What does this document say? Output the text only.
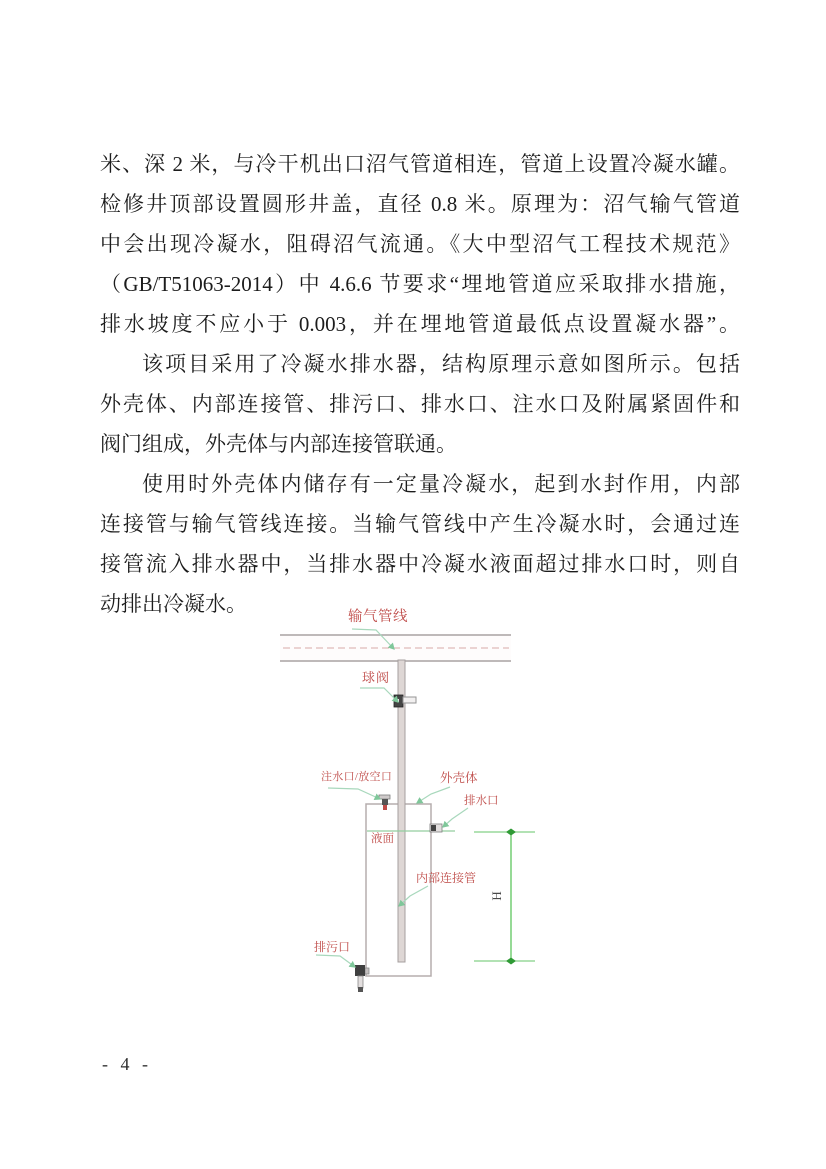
米、深 2 米，与冷干机出口沼气管道相连，管道上设置冷凝水罐。
检修井顶部设置圆形井盖，直径 0.8 米。原理为：沼气输气管道
中会出现冷凝水，阻碍沼气流通。《大中型沼气工程技术规范》
（GB/T51063-2014）中 4.6.6 节要求“埋地管道应采取排水措施，
排水坡度不应小于 0.003，并在埋地管道最低点设置凝水器”。
该项目采用了冷凝水排水器，结构原理示意如图所示。包括
外壳体、内部连接管、排污口、排水口、注水口及附属紧固件和
阀门组成，外壳体与内部连接管联通。
使用时外壳体内储存有一定量冷凝水，起到水封作用，内部
连接管与输气管线连接。当输气管线中产生冷凝水时，会通过连
接管流入排水器中，当排水器中冷凝水液面超过排水口时，则自
动排出冷凝水。
输气管线
球阀
注水口/放空口	外壳体
排水口
液面
内部连接管
排污口
H
- 4 -
